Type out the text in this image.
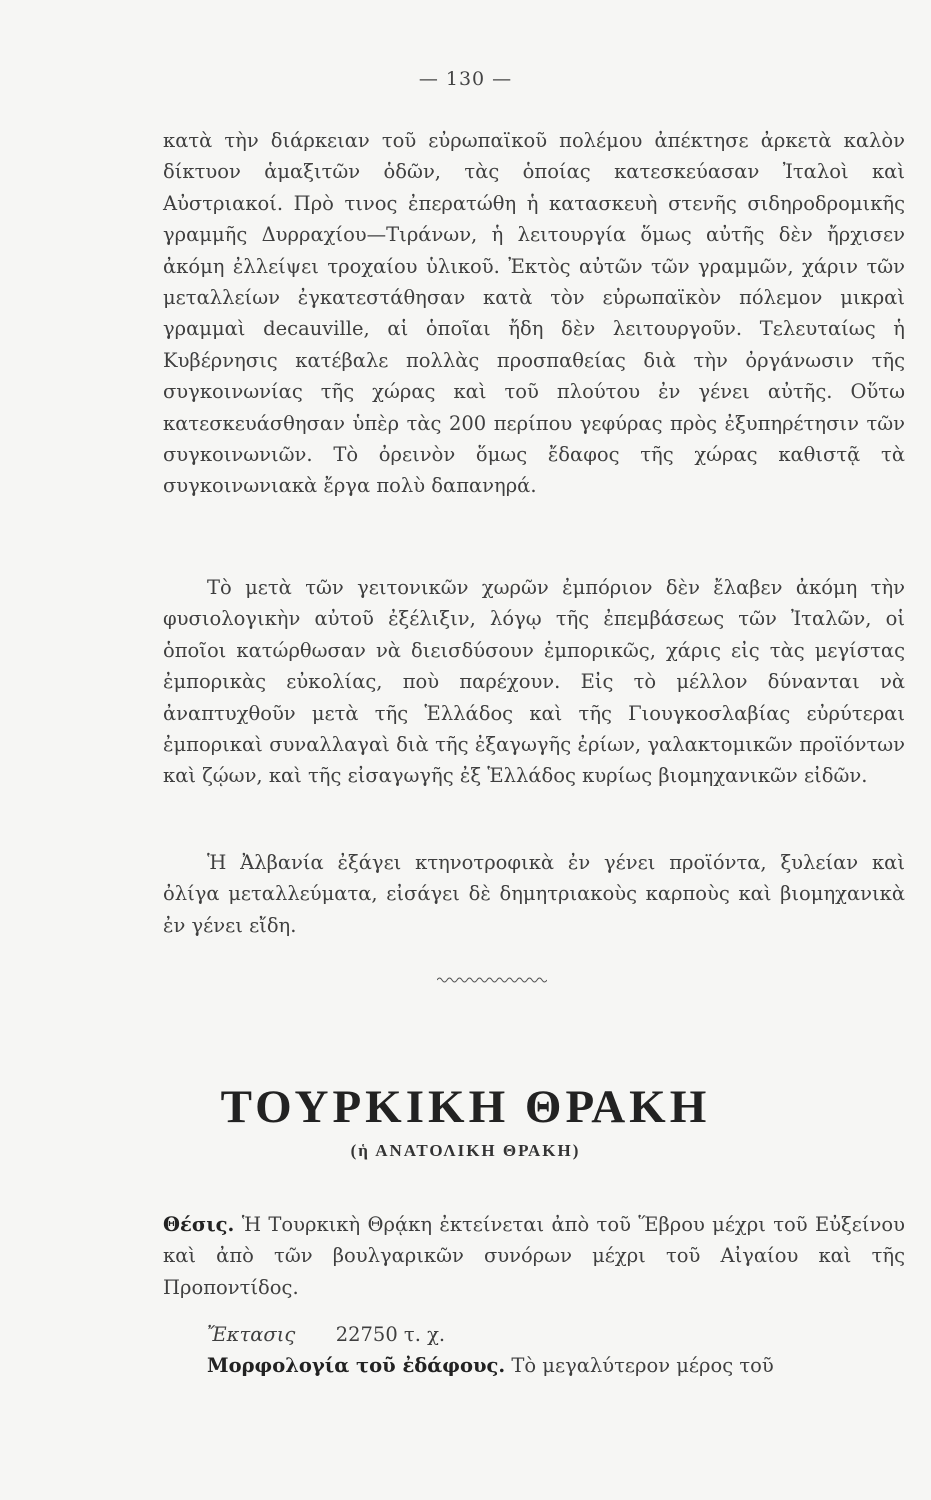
— 130 —

κατὰ τὴν διάρκειαν τοῦ εὐρωπαϊκοῦ πολέμου ἀπέκτησε ἀρκετὰ καλὸν δίκτυον ἁμαξιτῶν ὁδῶν, τὰς ὁποίας κατεσκεύασαν Ἰταλοὶ καὶ Αὐστριακοί. Πρὸ τινος ἐπερατώθη ἡ κατασκευὴ στενῆς σιδηροδρομικῆς γραμμῆς Δυρραχίου—Τιράνων, ἡ λειτουργία ὅμως αὐτῆς δὲν ἤρχισεν ἀκόμη ἐλλείψει τροχαίου ὑλικοῦ. Ἐκτὸς αὐτῶν τῶν γραμμῶν, χάριν τῶν μεταλλείων ἐγκατεστάθησαν κατὰ τὸν εὐρωπαϊκὸν πόλεμον μικραὶ γραμμαὶ decauville, αἱ ὁποῖαι ἤδη δὲν λειτουργοῦν. Τελευταίως ἡ Κυβέρνησις κατέβαλε πολλὰς προσπαθείας διὰ τὴν ὀργάνωσιν τῆς συγκοινωνίας τῆς χώρας καὶ τοῦ πλούτου ἐν γένει αὐτῆς. Οὕτω κατεσκευάσθησαν ὑπὲρ τὰς 200 περίπου γεφύρας πρὸς ἐξυπηρέτησιν τῶν συγκοινωνιῶν. Τὸ ὀρεινὸν ὅμως ἔδαφος τῆς χώρας καθιστᾷ τὰ συγκοινωνιακὰ ἔργα πολὺ δαπανηρά.

Τὸ μετὰ τῶν γειτονικῶν χωρῶν ἐμπόριον δὲν ἔλαβεν ἀκόμη τὴν φυσιολογικὴν αὐτοῦ ἐξέλιξιν, λόγῳ τῆς ἐπεμβάσεως τῶν Ἰταλῶν, οἱ ὁποῖοι κατώρθωσαν νὰ διεισδύσουν ἐμπορικῶς, χάρις εἰς τὰς μεγίστας ἐμπορικὰς εὐκολίας, ποὺ παρέχουν. Εἰς τὸ μέλλον δύνανται νὰ ἀναπτυχθοῦν μετὰ τῆς Ἑλλάδος καὶ τῆς Γιουγκοσλαβίας εὐρύτεραι ἐμπορικαὶ συναλλαγαὶ διὰ τῆς ἐξαγωγῆς ἐρίων, γαλακτομικῶν προϊόντων καὶ ζῴων, καὶ τῆς εἰσαγωγῆς ἐξ Ἑλλάδος κυρίως βιομηχανικῶν εἰδῶν.

Ἡ Ἀλβανία ἐξάγει κτηνοτροφικὰ ἐν γένει προϊόντα, ξυλείαν καὶ ὀλίγα μεταλλεύματα, εἰσάγει δὲ δημητριακοὺς καρποὺς καὶ βιομηχανικὰ ἐν γένει εἴδη.

ΤΟΥΡΚΙΚΗ ΘΡΑΚΗ
(ἡ ΑΝΑΤΟΛΙΚΗ ΘΡΑΚΗ)
Θέσις. Ἡ Τουρκικὴ Θρᾴκη ἐκτείνεται ἀπὸ τοῦ Ἕβρου μέχρι τοῦ Εὐξείνου καὶ ἀπὸ τῶν βουλγαρικῶν συνόρων μέχρι τοῦ Αἰγαίου καὶ τῆς Προποντίδος.
Ἔκτασις 22750 τ. χ.
Μορφολογία τοῦ ἐδάφους. Τὸ μεγαλύτερον μέρος τοῦ
